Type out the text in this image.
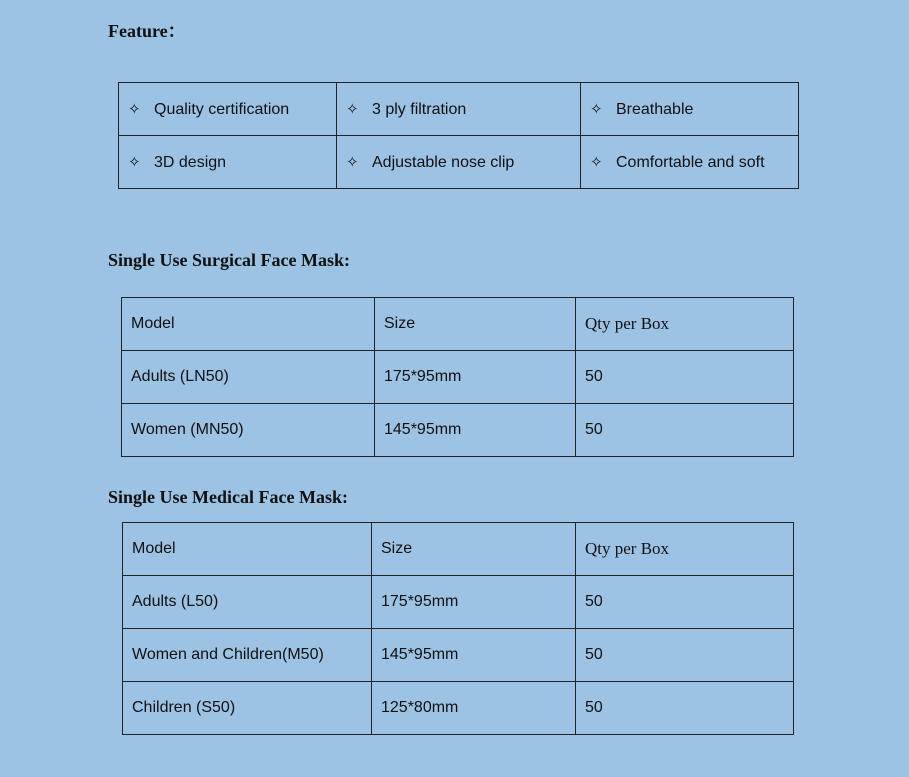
Feature：
✧ Quality certification	✧ 3 ply filtration	✧ Breathable
✧ 3D design	✧ Adjustable nose clip	✧ Comfortable and soft
Single Use Surgical Face Mask:
Model	Size	Qty per Box
Adults (LN50)	175*95mm	50
Women (MN50)	145*95mm	50
Single Use Medical Face Mask:
Model	Size	Qty per Box
Adults (L50)	175*95mm	50
Women and Children(M50)	145*95mm	50
Children (S50)	125*80mm	50
